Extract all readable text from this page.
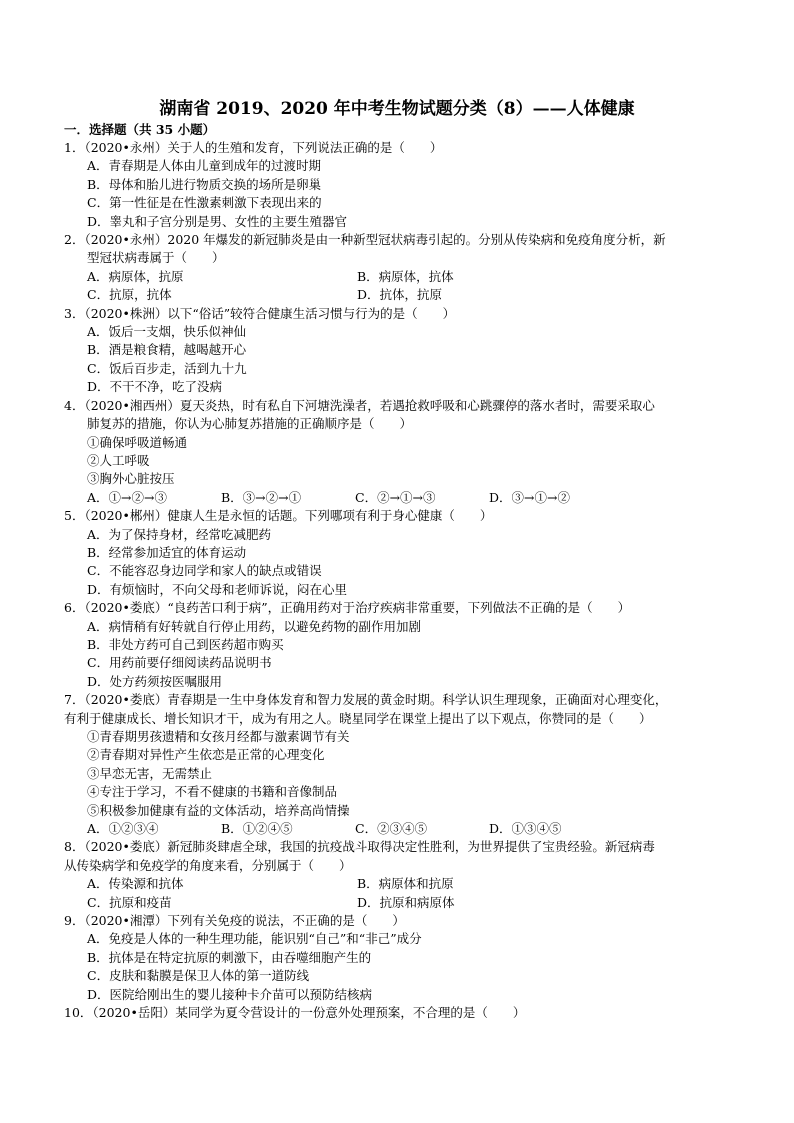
湖南省 2019、2020 年中考生物试题分类（8）——人体健康
一．选择题（共 35 小题）
1．（2020•永州）关于人的生殖和发育，下列说法正确的是（　　）
A．青春期是人体由儿童到成年的过渡时期
B．母体和胎儿进行物质交换的场所是卵巢
C．第一性征是在性激素刺激下表现出来的
D．睾丸和子宫分别是男、女性的主要生殖器官
2．（2020•永州）2020 年爆发的新冠肺炎是由一种新型冠状病毒引起的。分别从传染病和免疫角度分析，新
型冠状病毒属于（　　）
A．病原体，抗原	B．病原体，抗体
C．抗原，抗体	D．抗体，抗原
3．（2020•株洲）以下“俗话”较符合健康生活习惯与行为的是（　　）
A．饭后一支烟，快乐似神仙
B．酒是粮食精，越喝越开心
C．饭后百步走，活到九十九
D．不干不净，吃了没病
4．（2020•湘西州）夏天炎热，时有私自下河塘洗澡者，若遇抢救呼吸和心跳骤停的落水者时，需要采取心
肺复苏的措施，你认为心肺复苏措施的正确顺序是（　　）
①确保呼吸道畅通
②人工呼吸
③胸外心脏按压
A．①→②→③	B．③→②→①	C．②→①→③	D．③→①→②
5．（2020•郴州）健康人生是永恒的话题。下列哪项有利于身心健康（　　）
A．为了保持身材，经常吃减肥药
B．经常参加适宜的体育运动
C．不能容忍身边同学和家人的缺点或错误
D．有烦恼时，不向父母和老师诉说，闷在心里
6．（2020•娄底）“良药苦口利于病”，正确用药对于治疗疾病非常重要，下列做法不正确的是（　　）
A．病情稍有好转就自行停止用药，以避免药物的副作用加剧
B．非处方药可自己到医药超市购买
C．用药前要仔细阅读药品说明书
D．处方药须按医嘱服用
7．（2020•娄底）青春期是一生中身体发育和智力发展的黄金时期。科学认识生理现象，正确面对心理变化，
有利于健康成长、增长知识才干，成为有用之人。晓星同学在课堂上提出了以下观点，你赞同的是（　　）
①青春期男孩遗精和女孩月经都与激素调节有关
②青春期对异性产生依恋是正常的心理变化
③早恋无害，无需禁止
④专注于学习，不看不健康的书籍和音像制品
⑤积极参加健康有益的文体活动，培养高尚情操
A．①②③④	B．①②④⑤	C．②③④⑤	D．①③④⑤
8．（2020•娄底）新冠肺炎肆虐全球，我国的抗疫战斗取得决定性胜利，为世界提供了宝贵经验。新冠病毒
从传染病学和免疫学的角度来看，分别属于（　　）
A．传染源和抗体	B．病原体和抗原
C．抗原和疫苗	D．抗原和病原体
9．（2020•湘潭）下列有关免疫的说法，不正确的是（　　）
A．免疫是人体的一种生理功能，能识别“自己”和“非己”成分
B．抗体是在特定抗原的刺激下，由吞噬细胞产生的
C．皮肤和黏膜是保卫人体的第一道防线
D．医院给刚出生的婴儿接种卡介苗可以预防结核病
10．（2020•岳阳）某同学为夏令营设计的一份意外处理预案，不合理的是（　　）
